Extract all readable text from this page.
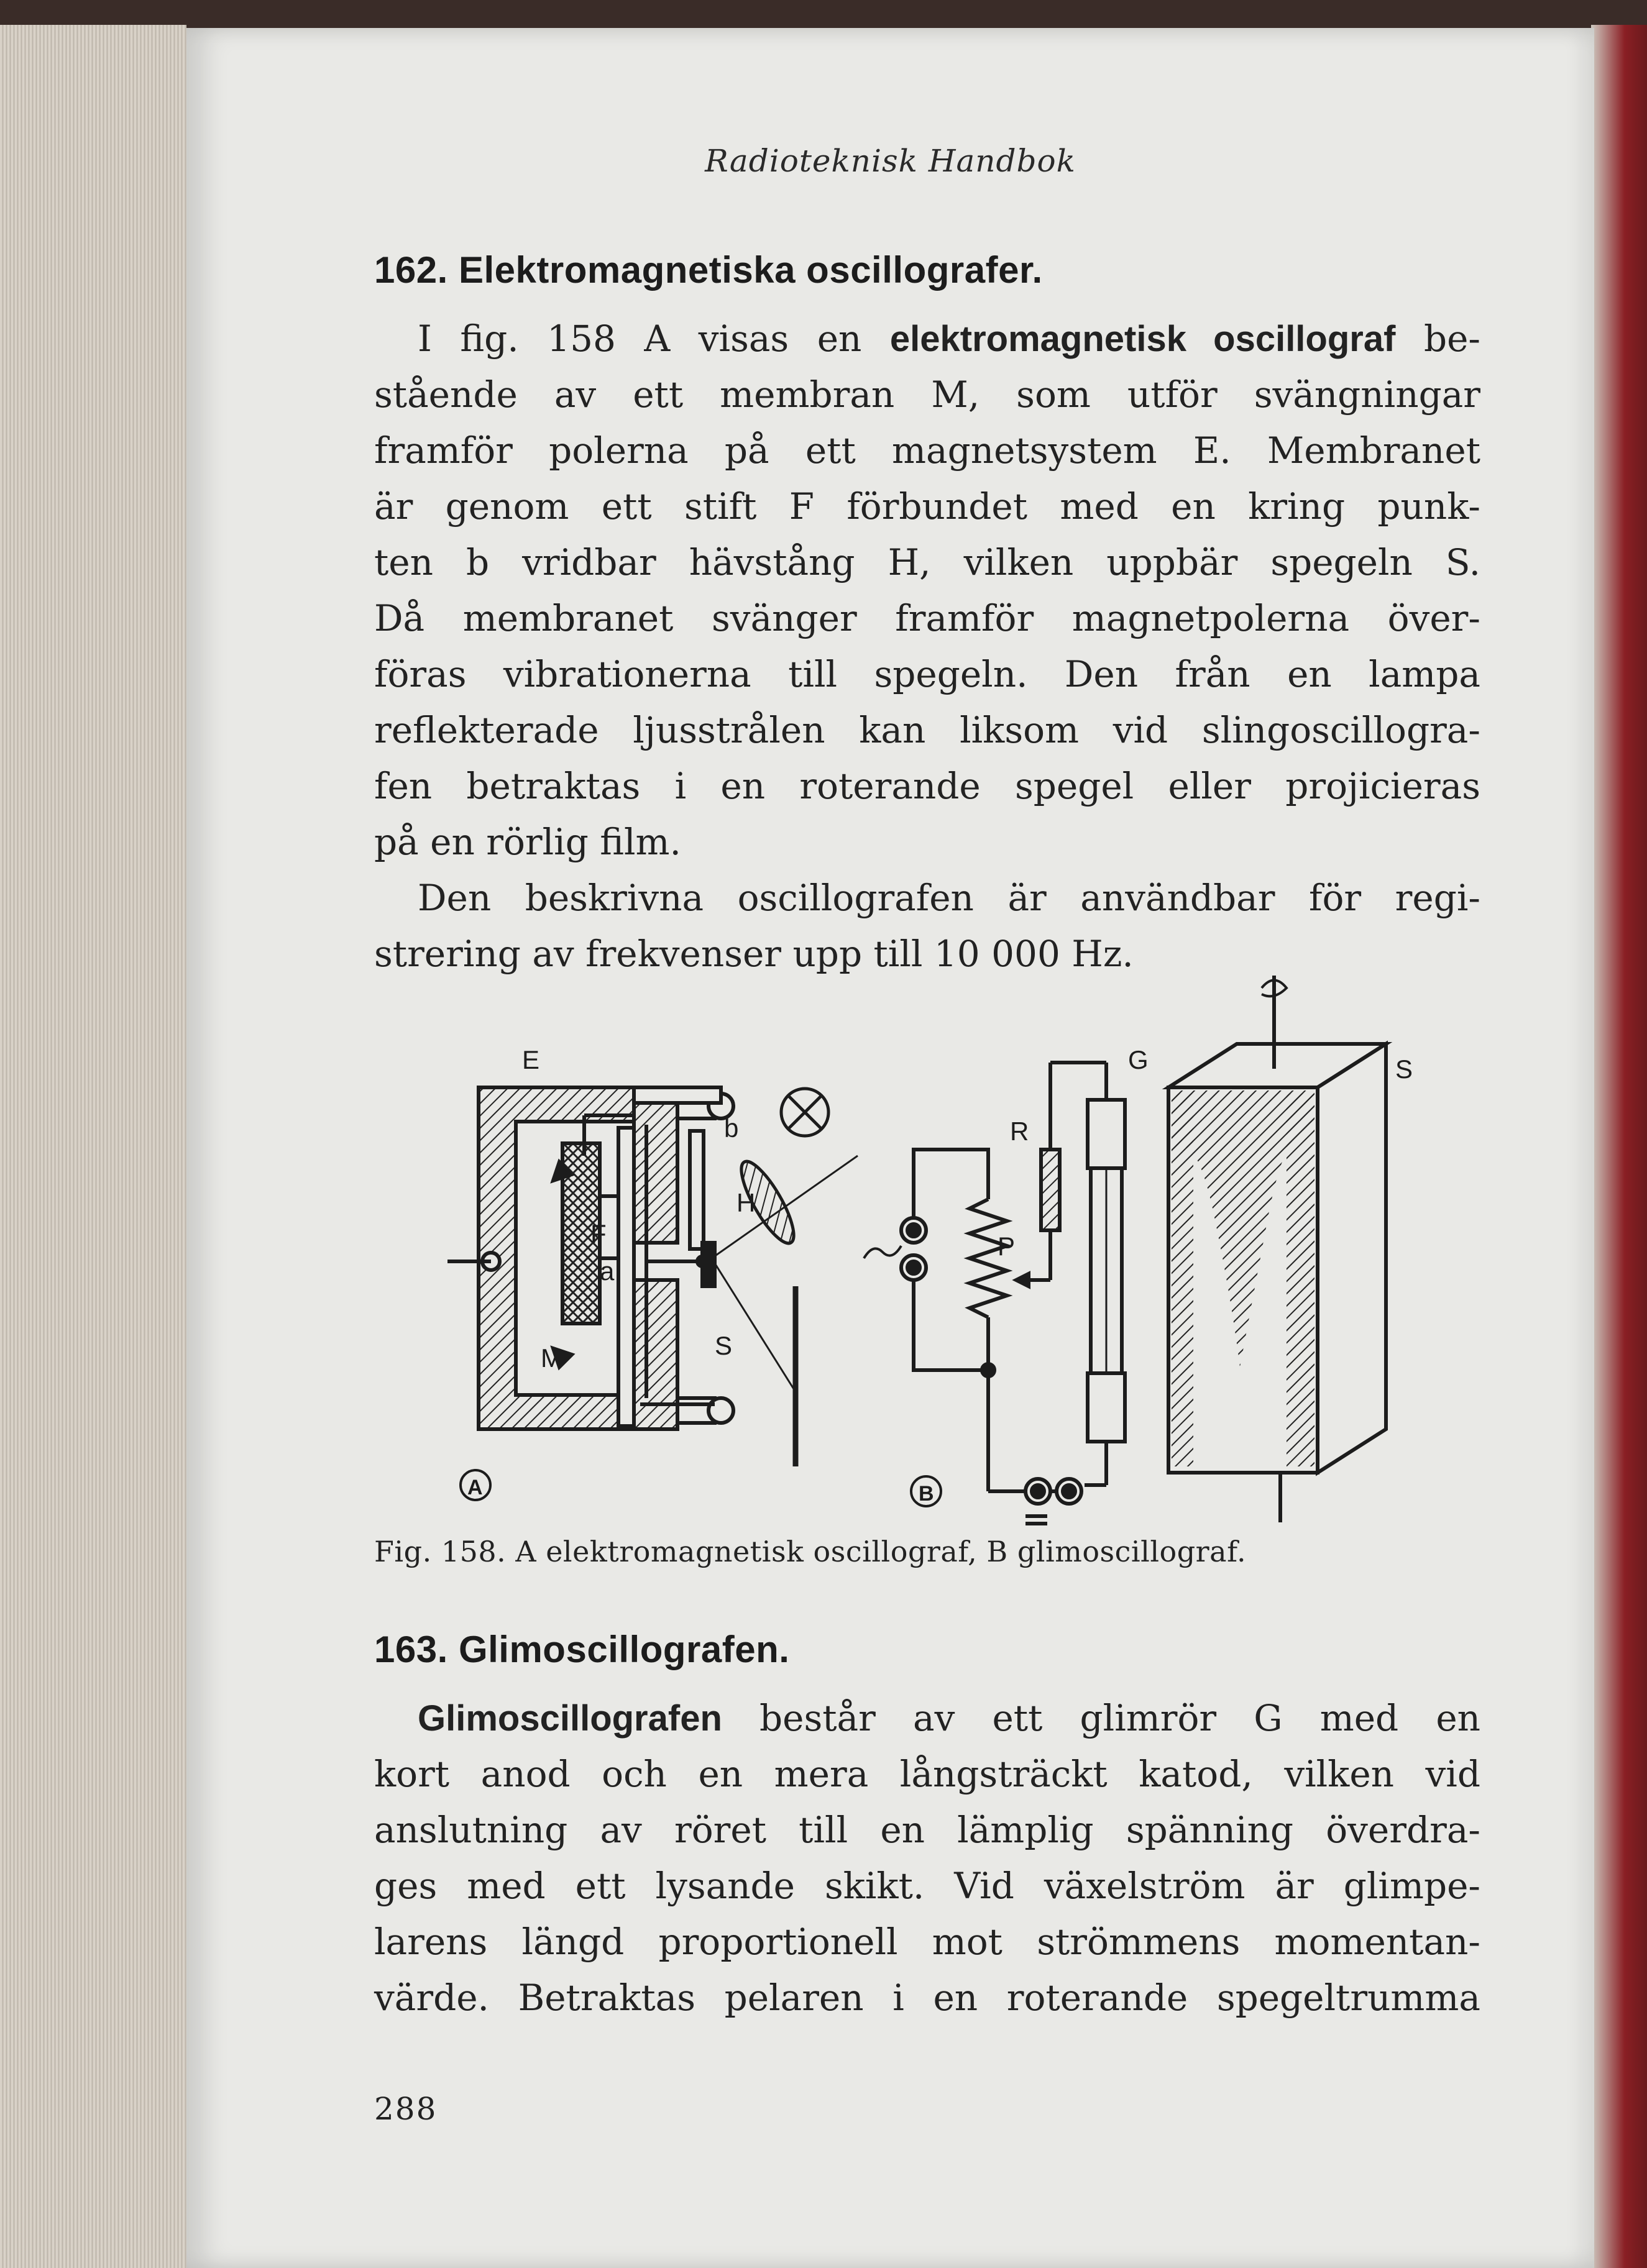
Radioteknisk Handbok
162. Elektromagnetiska oscillografer.
I fig. 158 A visas en elektromagnetisk oscillograf be-
stående av ett membran M, som utför svängningar
framför polerna på ett magnetsystem E. Membranet
är genom ett stift F förbundet med en kring punk-
ten b vridbar hävstång H, vilken uppbär spegeln S.
Då membranet svänger framför magnetpolerna över-
föras vibrationerna till spegeln. Den från en lampa
reflekterade ljusstrålen kan liksom vid slingoscillogra-
fen betraktas i en roterande spegel eller projicieras
på en rörlig film.
Den beskrivna oscillografen är användbar för regi-
strering av frekvenser upp till 10 000 Hz.
E
b
H
F
a
M	S
R
P
G	S
A	B
Fig. 158. A elektromagnetisk oscillograf, B glimoscillograf.
163. Glimoscillografen.
Glimoscillografen består av ett glimrör G med en
kort anod och en mera långsträckt katod, vilken vid
anslutning av röret till en lämplig spänning överdra-
ges med ett lysande skikt. Vid växelström är glimpe-
larens längd proportionell mot strömmens momentan-
värde. Betraktas pelaren i en roterande spegeltrumma
288
